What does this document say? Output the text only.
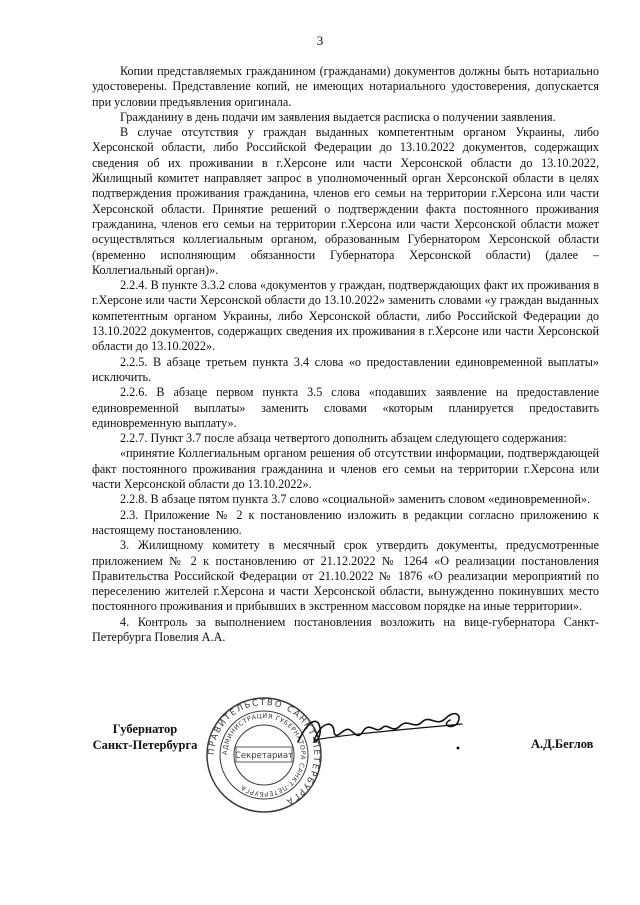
3

Копии представляемых гражданином (гражданами) документов должны быть нотариально удостоверены. Представление копий, не имеющих нотариального удостоверения, допускается при условии предъявления оригинала.

Гражданину в день подачи им заявления выдается расписка о получении заявления.

В случае отсутствия у граждан выданных компетентным органом Украины, либо Херсонской области, либо Российской Федерации до 13.10.2022 документов, содержащих сведения об их проживании в г.Херсоне или части Херсонской области до 13.10.2022, Жилищный комитет направляет запрос в уполномоченный орган Херсонской области в целях подтверждения проживания гражданина, членов его семьи на территории г.Херсона или части Херсонской области. Принятие решений о подтверждении факта постоянного проживания гражданина, членов его семьи на территории г.Херсона или части Херсонской области может осуществляться коллегиальным органом, образованным Губернатором Херсонской области (временно исполняющим обязанности Губернатора Херсонской области) (далее – Коллегиальный орган)».

2.2.4. В пункте 3.3.2 слова «документов у граждан, подтверждающих факт их проживания в г.Херсоне или части Херсонской области до 13.10.2022» заменить словами «у граждан выданных компетентным органом Украины, либо Херсонской области, либо Российской Федерации до 13.10.2022 документов, содержащих сведения их проживания в г.Херсоне или части Херсонской области до 13.10.2022».

2.2.5. В абзаце третьем пункта 3.4 слова «о предоставлении единовременной выплаты» исключить.

2.2.6. В абзаце первом пункта 3.5 слова «подавших заявление на предоставление единовременной выплаты» заменить словами «которым планируется предоставить единовременную выплату».

2.2.7. Пункт 3.7 после абзаца четвертого дополнить абзацем следующего содержания:

«принятие Коллегиальным органом решения об отсутствии информации, подтверждающей факт постоянного проживания гражданина и членов его семьи на территории г.Херсона или части Херсонской области до 13.10.2022».

2.2.8. В абзаце пятом пункта 3.7 слово «социальной» заменить словом «единовременной».

2.3. Приложение № 2 к постановлению изложить в редакции согласно приложению к настоящему постановлению.

3. Жилищному комитету в месячный срок утвердить документы, предусмотренные приложением № 2 к постановлению от 21.12.2022 № 1264 «О реализации постановления Правительства Российской Федерации от 21.10.2022 № 1876 «О реализации мероприятий по переселению жителей г.Херсона и части Херсонской области, вынужденно покинувших место постоянного проживания и прибывших в экстренном массовом порядке на иные территории».

4. Контроль за выполнением постановления возложить на вице-губернатора Санкт-Петербурга Повелия А.А.

Губернатор
Санкт-Петербурга	ПРАВИТЕЛЬСТВО САНКТ-ПЕТЕРБУРГА
АДМИНИСТРАЦИЯ ГУБЕРНАТОРА САНКТ-ПЕТЕРБУРГА
Секретариат
А.Д.Беглов
